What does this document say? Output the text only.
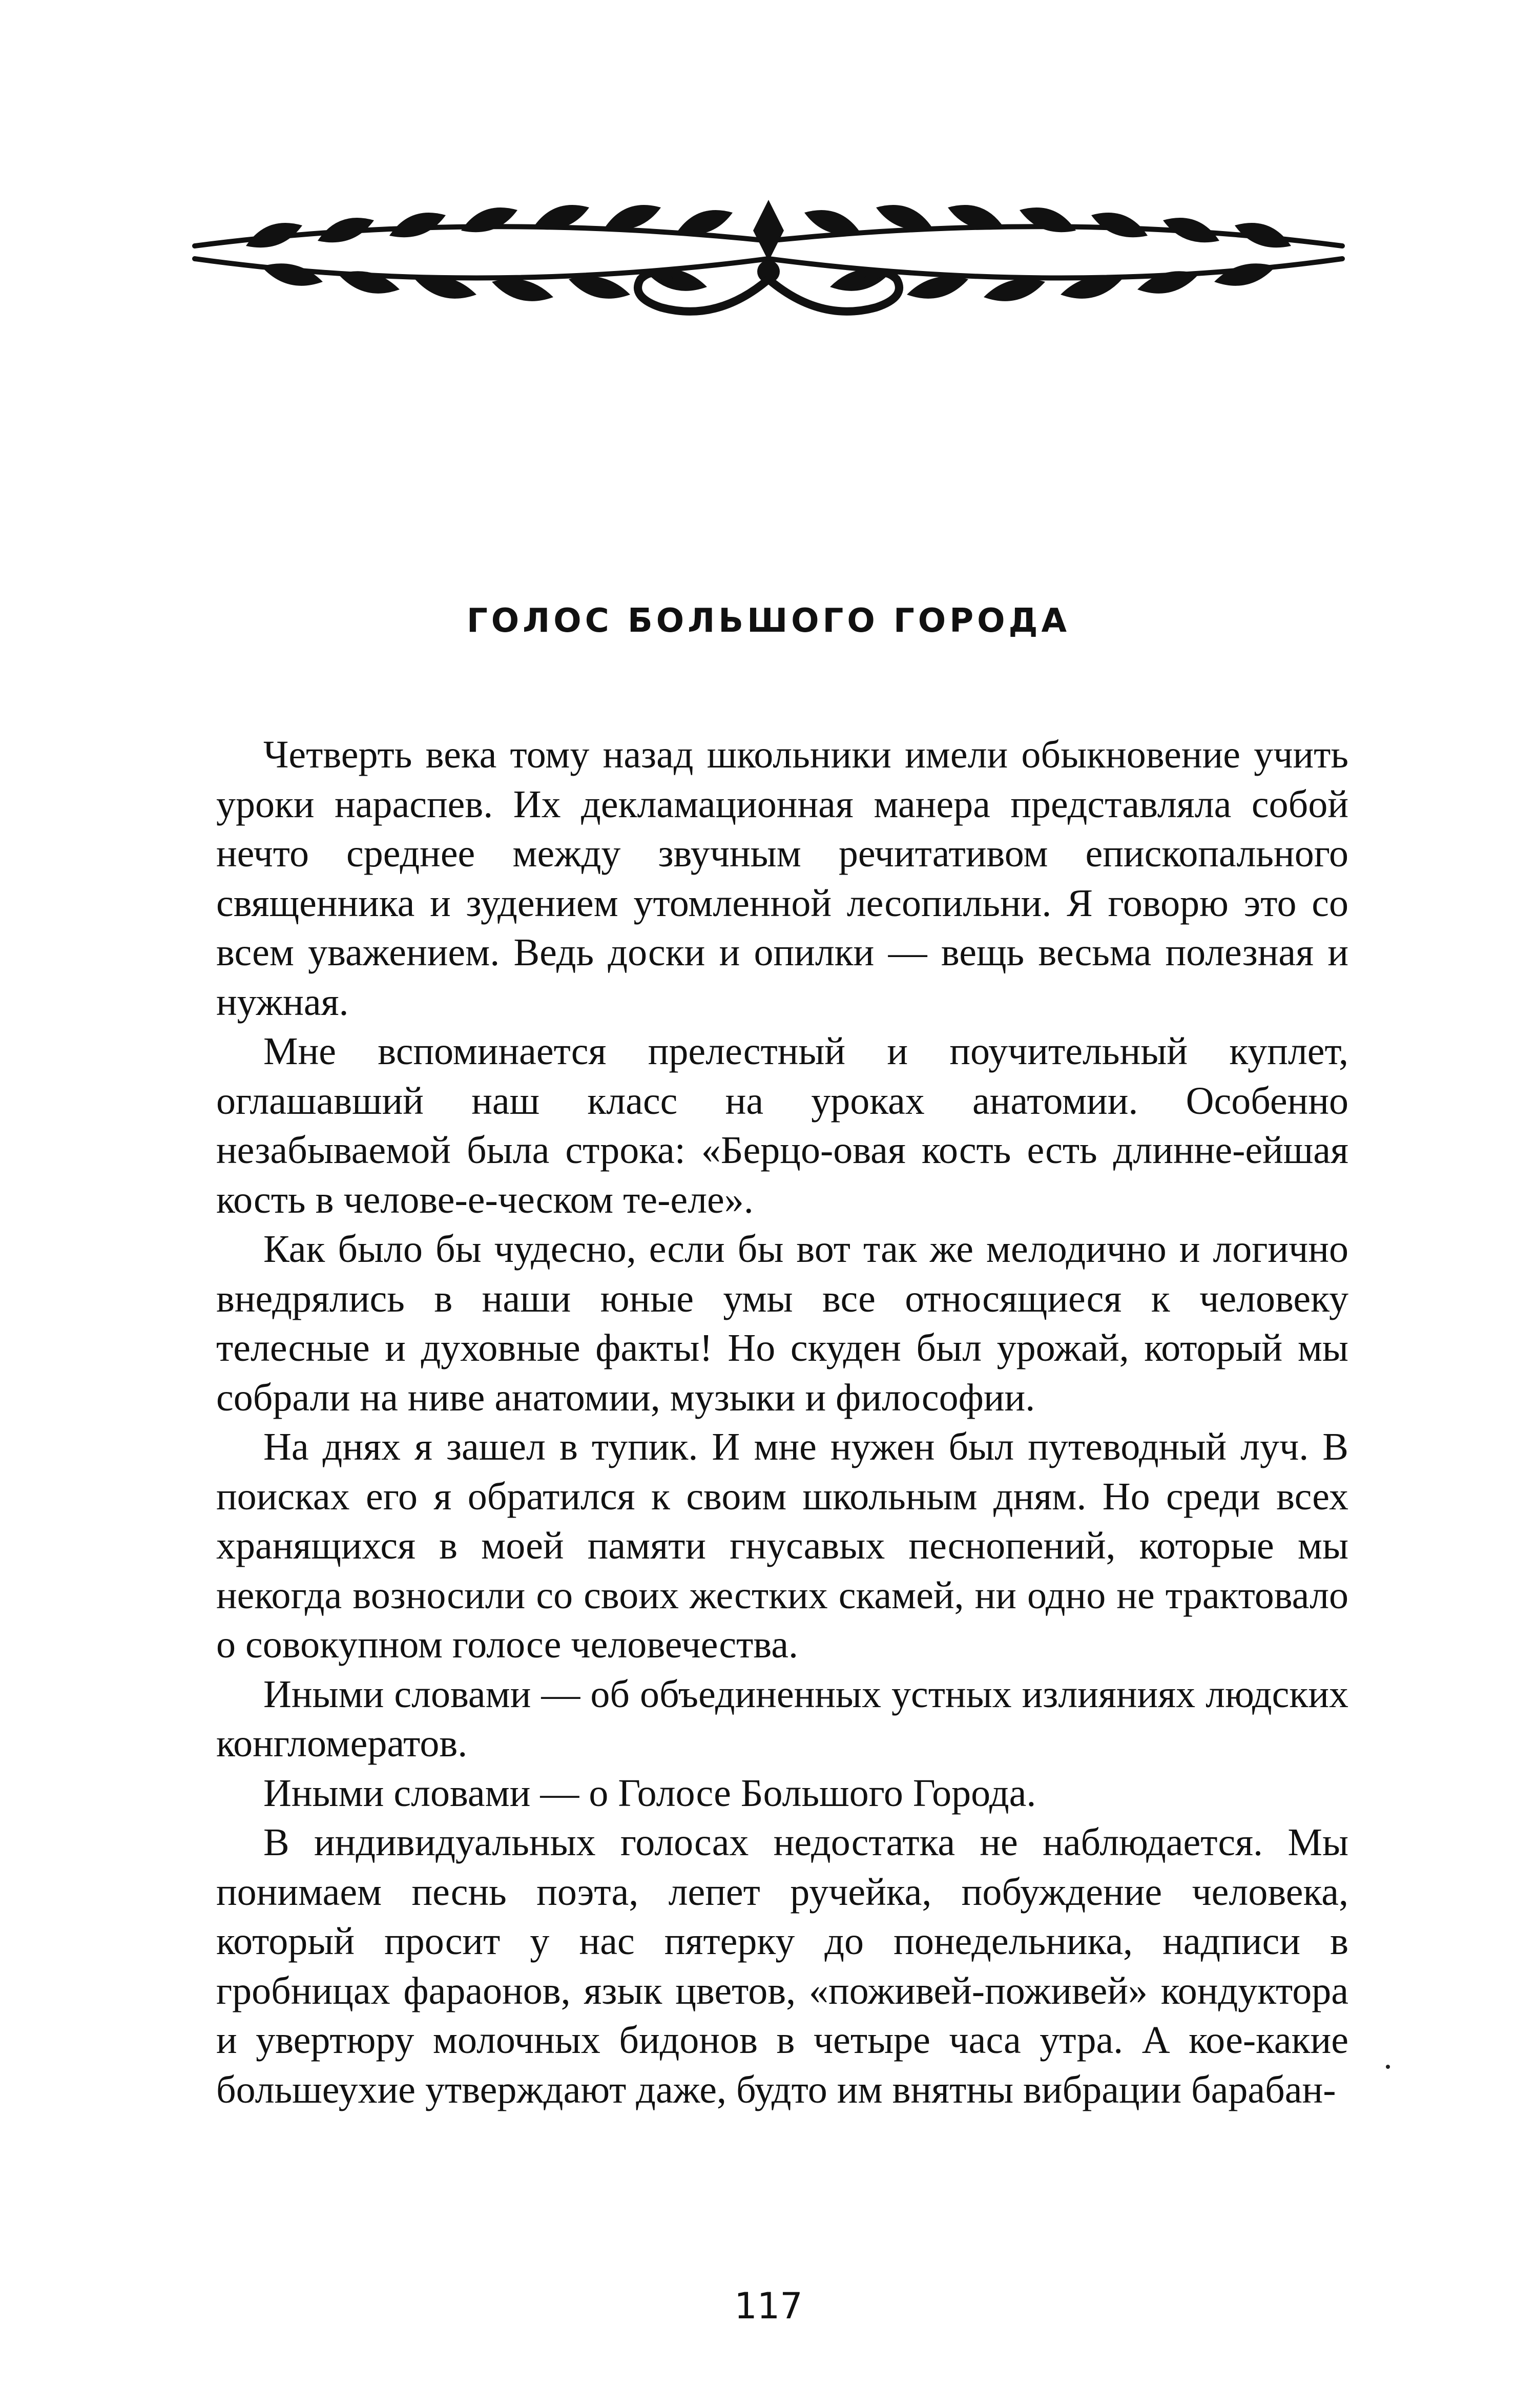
ГОЛОС БОЛЬШОГО ГОРОДА

Четверть века тому назад школьники имели обыкновение учить уроки нараспев. Их декламационная манера представляла собой нечто среднее между звучным речитативом епископального священника и зудением утомленной лесопильни. Я говорю это со всем уважением. Ведь доски и опилки — вещь весьма полезная и нужная.

Мне вспоминается прелестный и поучительный куплет, оглашавший наш класс на уроках анатомии. Особенно незабываемой была строка: «Берцо-овая кость есть длинне-ейшая кость в челове-е-ческом те-еле».

Как было бы чудесно, если бы вот так же мелодично и логично внедрялись в наши юные умы все относящиеся к человеку телесные и духовные факты! Но скуден был урожай, который мы собрали на ниве анатомии, музыки и философии.

На днях я зашел в тупик. И мне нужен был путеводный луч. В поисках его я обратился к своим школьным дням. Но среди всех хранящихся в моей памяти гнусавых песнопений, которые мы некогда возносили со своих жестких скамей, ни одно не трактовало о совокупном голосе человечества.

Иными словами — об объединенных устных излияниях людских конгломератов.

Иными словами — о Голосе Большого Города.

В индивидуальных голосах недостатка не наблюдается. Мы понимаем песнь поэта, лепет ручейка, побуждение человека, который просит у нас пятерку до понедельника, надписи в гробницах фараонов, язык цветов, «поживей-поживей» кондуктора и увертюру молочных бидонов в четыре часа утра. А кое-какие большеухие утверждают даже, будто им внятны вибрации барабан-

117
